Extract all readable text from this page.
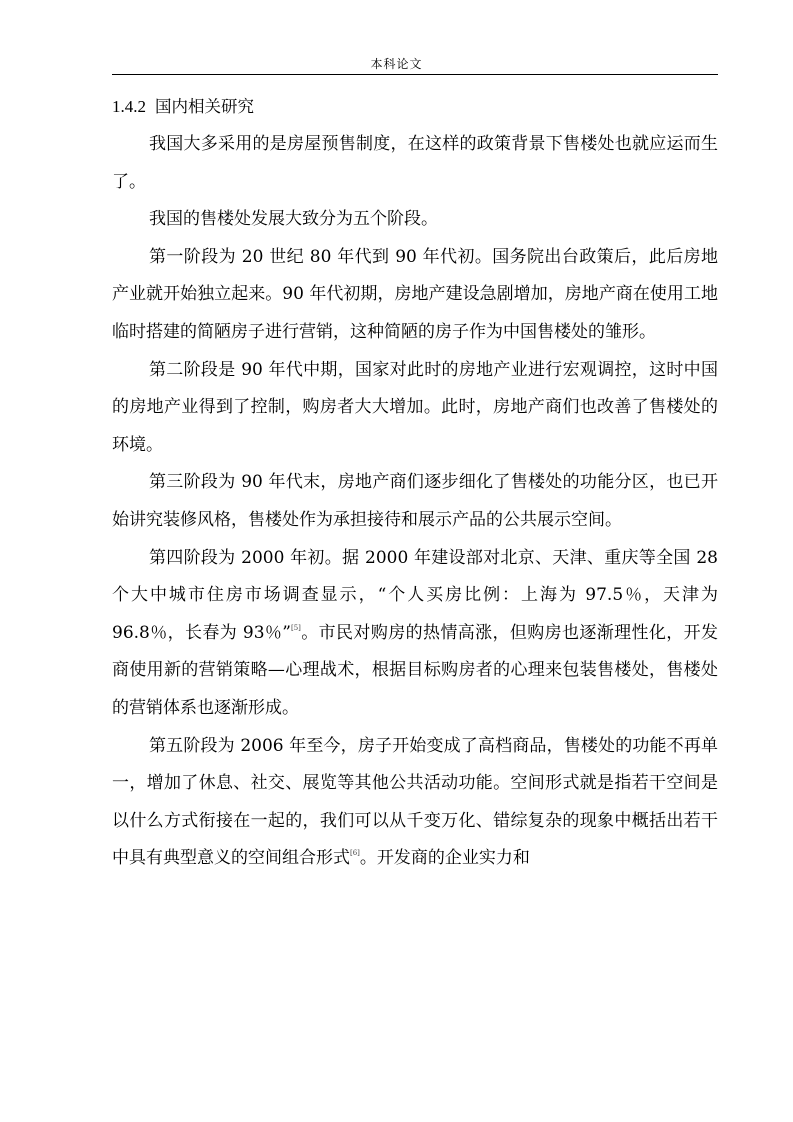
本科论文
1.4.2 国内相关研究

我国大多采用的是房屋预售制度，在这样的政策背景下售楼处也就应运而生了。

我国的售楼处发展大致分为五个阶段。

第一阶段为 20 世纪 80 年代到 90 年代初。国务院出台政策后，此后房地产业就开始独立起来。90 年代初期，房地产建设急剧增加，房地产商在使用工地临时搭建的简陋房子进行营销，这种简陋的房子作为中国售楼处的雏形。

第二阶段是 90 年代中期，国家对此时的房地产业进行宏观调控，这时中国的房地产业得到了控制，购房者大大增加。此时，房地产商们也改善了售楼处的环境。

第三阶段为 90 年代末，房地产商们逐步细化了售楼处的功能分区，也已开始讲究装修风格，售楼处作为承担接待和展示产品的公共展示空间。

第四阶段为 2000 年初。据 2000 年建设部对北京、天津、重庆等全国 28 个大中城市住房市场调查显示，“个人买房比例：上海为 97.5％，天津为 96.8％，长春为 93％”[5]。市民对购房的热情高涨，但购房也逐渐理性化，开发商使用新的营销策略—心理战术，根据目标购房者的心理来包装售楼处，售楼处的营销体系也逐渐形成。

第五阶段为 2006 年至今，房子开始变成了高档商品，售楼处的功能不再单一，增加了休息、社交、展览等其他公共活动功能。空间形式就是指若干空间是以什么方式衔接在一起的，我们可以从千变万化、错综复杂的现象中概括出若干中具有典型意义的空间组合形式[6]。开发商的企业实力和
